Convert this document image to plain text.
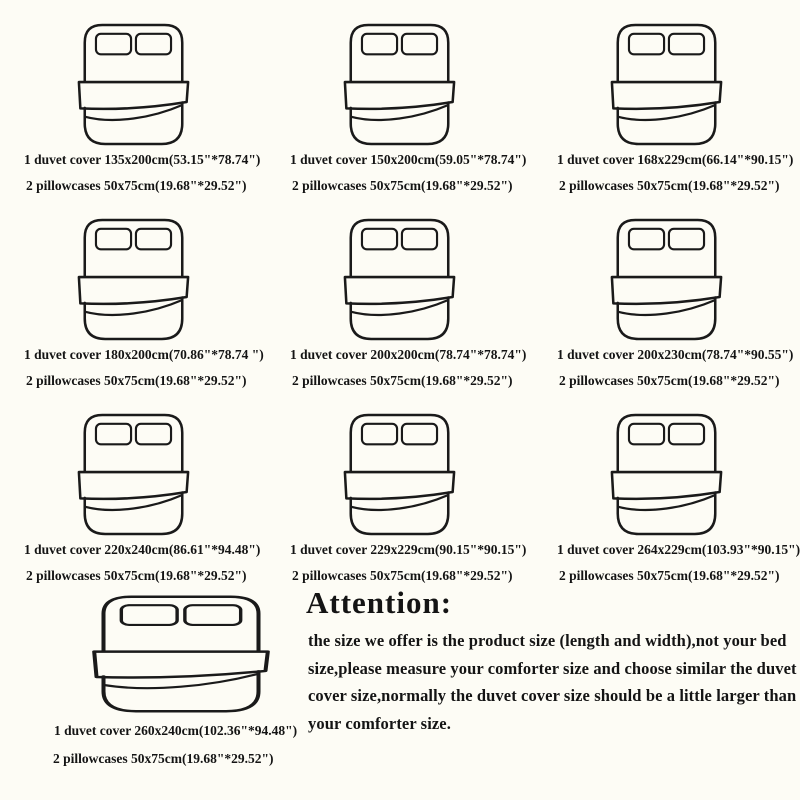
1 duvet cover 135x200cm(53.15"*78.74")
2 pillowcases 50x75cm(19.68"*29.52")
1 duvet cover 150x200cm(59.05"*78.74")
2 pillowcases 50x75cm(19.68"*29.52")
1 duvet cover 168x229cm(66.14"*90.15")
2 pillowcases 50x75cm(19.68"*29.52")
1 duvet cover 180x200cm(70.86"*78.74 ")
2 pillowcases 50x75cm(19.68"*29.52")
1 duvet cover 200x200cm(78.74"*78.74")
2 pillowcases 50x75cm(19.68"*29.52")
1 duvet cover 200x230cm(78.74"*90.55")
2 pillowcases 50x75cm(19.68"*29.52")
1 duvet cover 220x240cm(86.61"*94.48")
2 pillowcases 50x75cm(19.68"*29.52")
1 duvet cover 229x229cm(90.15"*90.15")
2 pillowcases 50x75cm(19.68"*29.52")
1 duvet cover 264x229cm(103.93"*90.15")
2 pillowcases 50x75cm(19.68"*29.52")
1 duvet cover 260x240cm(102.36"*94.48")
2 pillowcases 50x75cm(19.68"*29.52")

Attention:

the size we offer is the product size (length and width),not your bed size,please measure your comforter size and choose similar the duvet cover size,normally the duvet cover size should be a little larger than your comforter size.
